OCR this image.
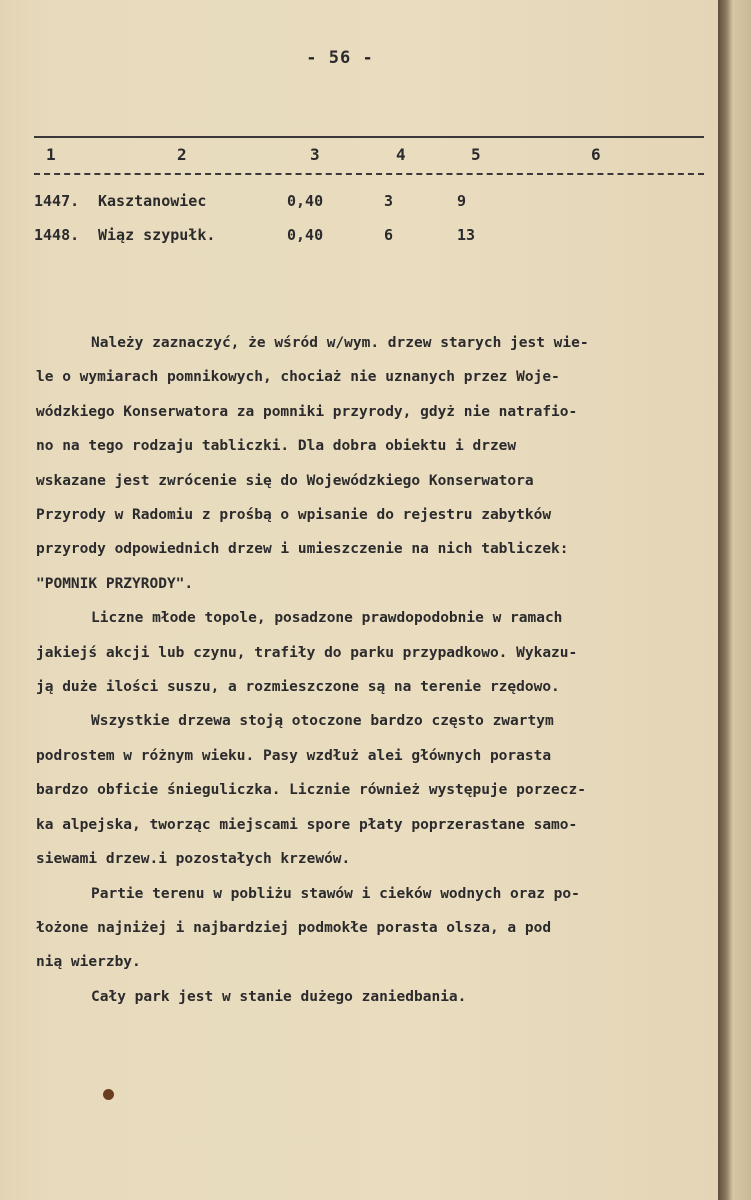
- 56 -
1	2	3	4	5	6
1447. Kasztanowiec	0,40	3	9
1448. Wiąz szypułk.	0,40	6	13

Należy zaznaczyć, że wśród w/wym. drzew starych jest wie-
le o wymiarach pomnikowych, chociaż nie uznanych przez Woje-
wódzkiego Konserwatora za pomniki przyrody, gdyż nie natrafio-
no na tego rodzaju tabliczki. Dla dobra obiektu i drzew
wskazane jest zwrócenie się do Wojewódzkiego Konserwatora
Przyrody w Radomiu z prośbą o wpisanie do rejestru zabytków
przyrody odpowiednich drzew i umieszczenie na nich tabliczek:
"POMNIK PRZYRODY".

Liczne młode topole, posadzone prawdopodobnie w ramach
jakiejś akcji lub czynu, trafiły do parku przypadkowo. Wykazu-
ją duże ilości suszu, a rozmieszczone są na terenie rzędowo.

Wszystkie drzewa stoją otoczone bardzo często zwartym
podrostem w różnym wieku. Pasy wzdłuż alei głównych porasta
bardzo obficie śnieguliczka. Licznie również występuje porzecz-
ka alpejska, tworząc miejscami spore płaty poprzerastane samo-
siewami drzew.i pozostałych krzewów.

Partie terenu w pobliżu stawów i cieków wodnych oraz po-
łożone najniżej i najbardziej podmokłe porasta olsza, a pod
nią wierzby.

Cały park jest w stanie dużego zaniedbania.
